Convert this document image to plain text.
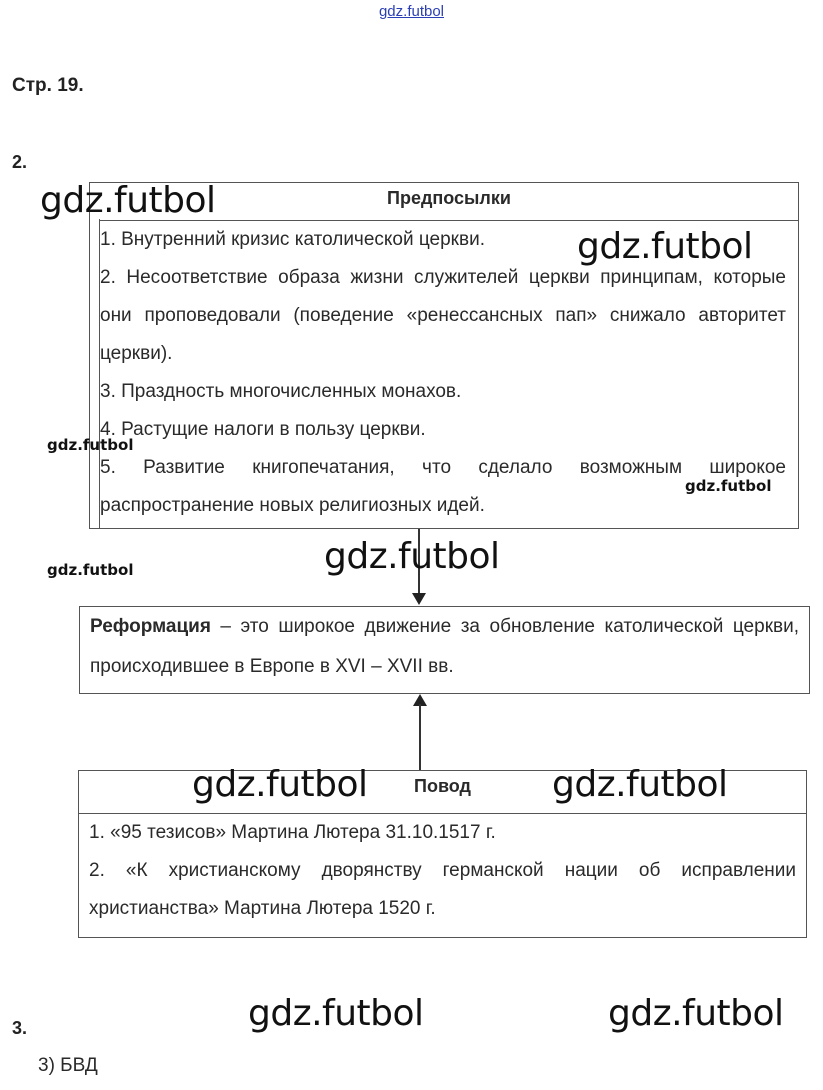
gdz.futbol
Стр. 19.
2.
Предпосылки

1. Внутренний кризис католической церкви.

2. Несоответствие образа жизни служителей церкви принципам, которые они проповедовали (поведение «ренессансных пап» снижало авторитет церкви).

3. Праздность многочисленных монахов.

4. Растущие налоги в пользу церкви.

5. Развитие книгопечатания, что сделало возможным широкое распространение новых религиозных идей.

Реформация – это широкое движение за обновление католической церкви, происходившее в Европе в XVI – XVII вв.
Повод

1. «95 тезисов» Мартина Лютера 31.10.1517 г.

2. «К христианскому дворянству германской нации об исправлении христианства» Мартина Лютера 1520 г.

3.
3) БВД
gdz.futbol
gdz.futbol
gdz.futbol
gdz.futbol
gdz.futbol
gdz.futbol
gdz.futbol	gdz.futbol
gdz.futbol	gdz.futbol
